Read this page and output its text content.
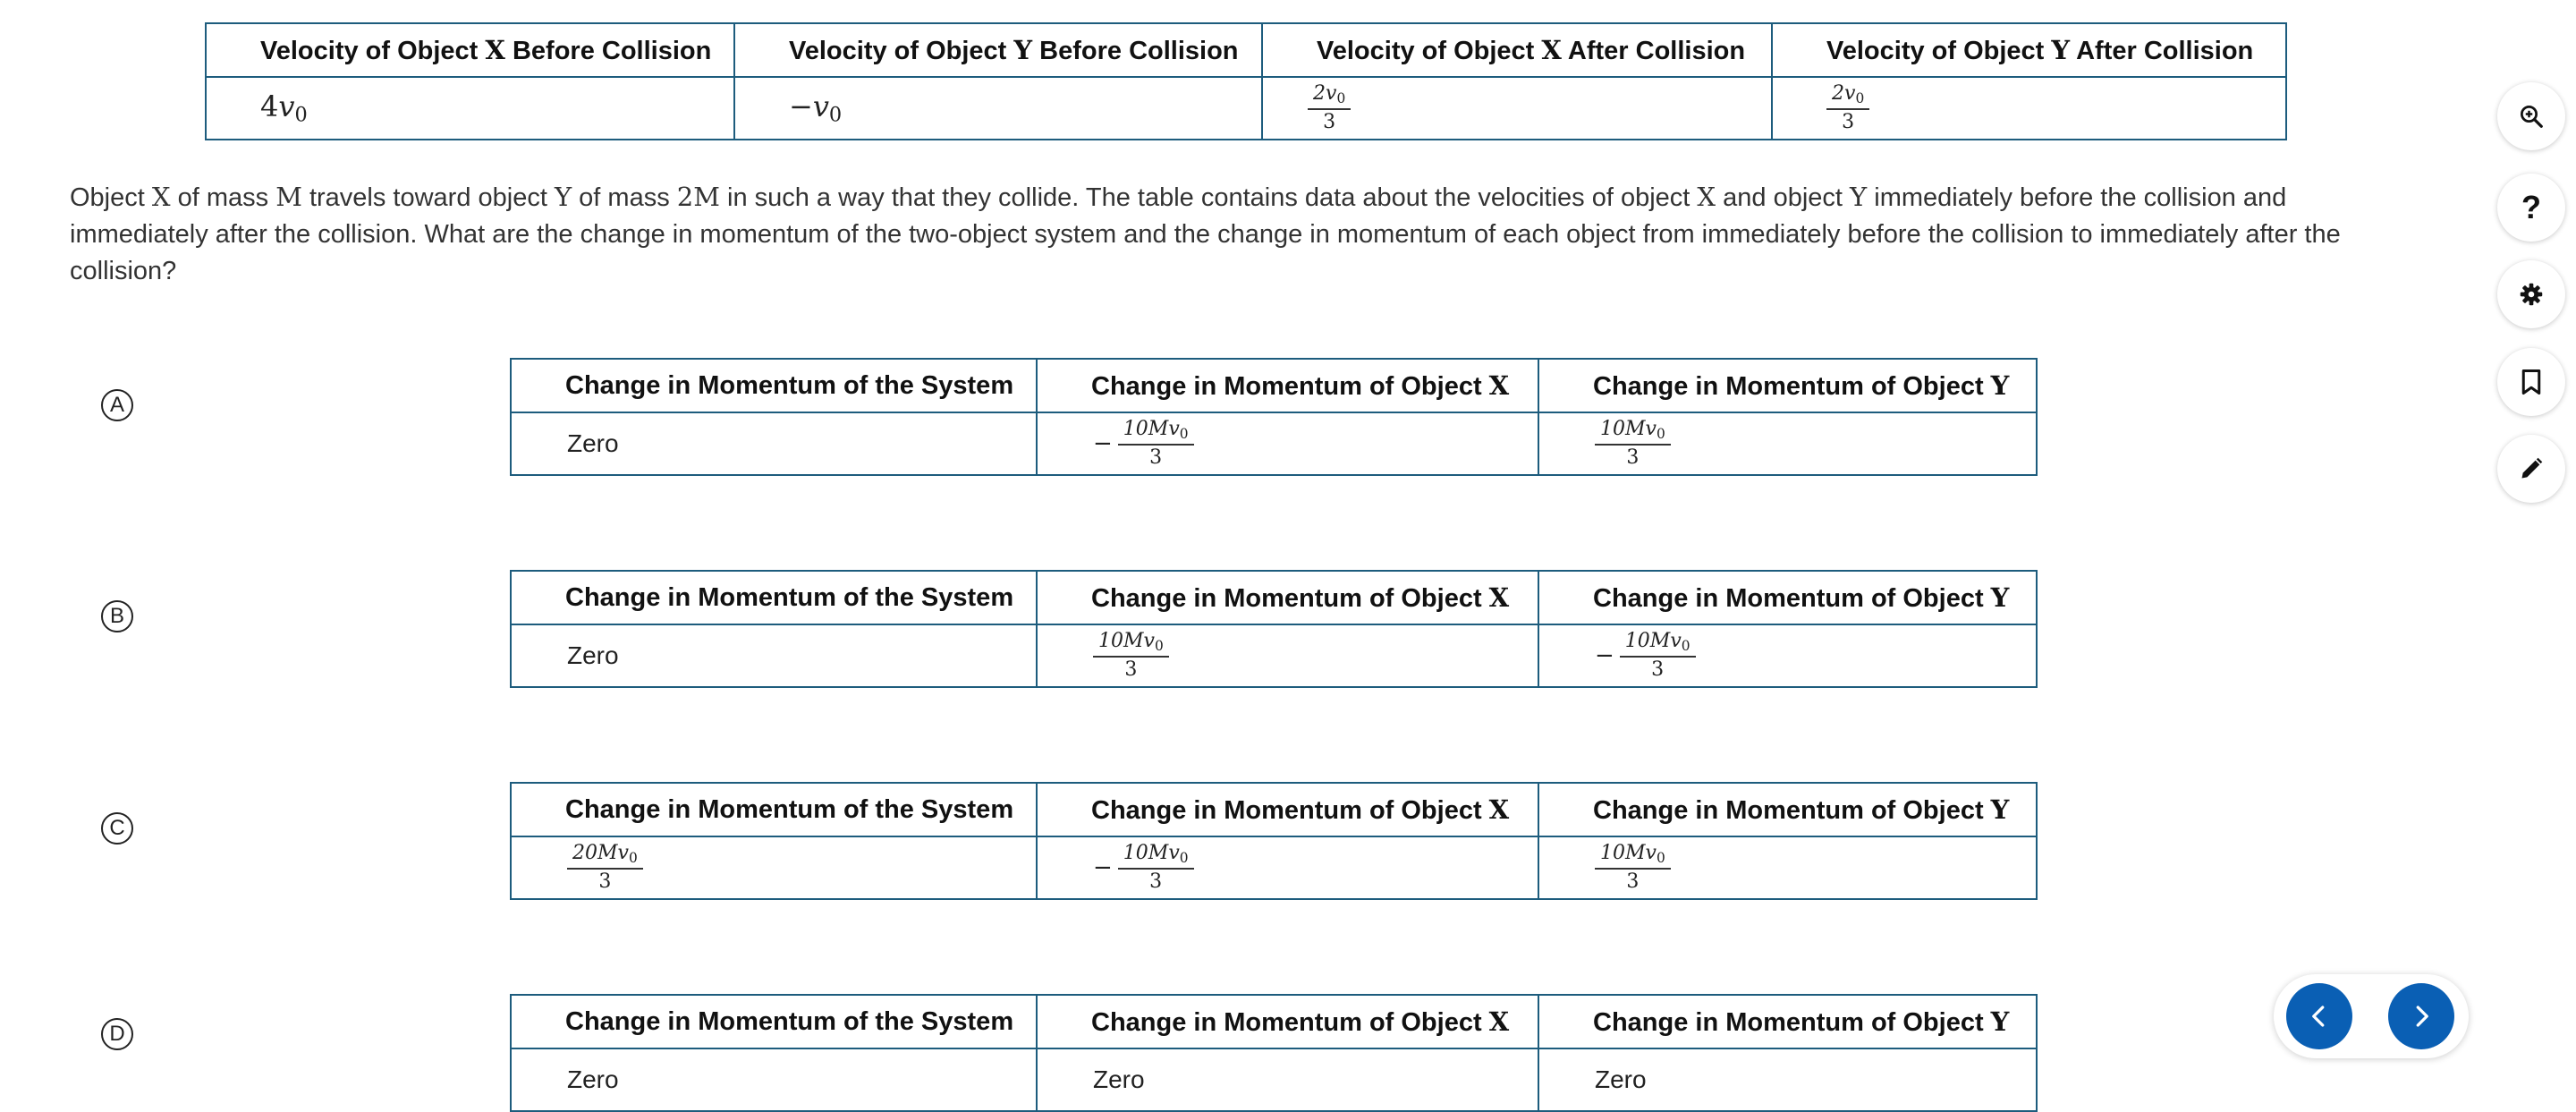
Velocity of Object X Before Collision	Velocity of Object Y Before Collision	Velocity of Object X After Collision	Velocity of Object Y After Collision
$4v_0$	$-v_0$	$\frac{2v_0}{3}$	$\frac{2v_0}{3}$
Object X of mass M travels toward object Y of mass 2M in such a way that they collide. The table contains data about the velocities of object X and object Y immediately before the collision and immediately after the collision. What are the change in momentum of the two-object system and the change in momentum of each object from immediately before the collision to immediately after the collision?
A
Change in Momentum of the System	Change in Momentum of Object X	Change in Momentum of Object Y
Zero	− $\frac{10Mv_0}{3}$	$\frac{10Mv_0}{3}$
B
Change in Momentum of the System	Change in Momentum of Object X	Change in Momentum of Object Y
Zero	$\frac{10Mv_0}{3}$	− $\frac{10Mv_0}{3}$
C
Change in Momentum of the System	Change in Momentum of Object X	Change in Momentum of Object Y

$\frac{20Mv_0}{3}$	− $\frac{10Mv_0}{3}$	$\frac{10Mv_0}{3}$
D	Change in Momentum of the System	Change in Momentum of Object X	Change in Momentum of Object Y
Zero	Zero	Zero
?
